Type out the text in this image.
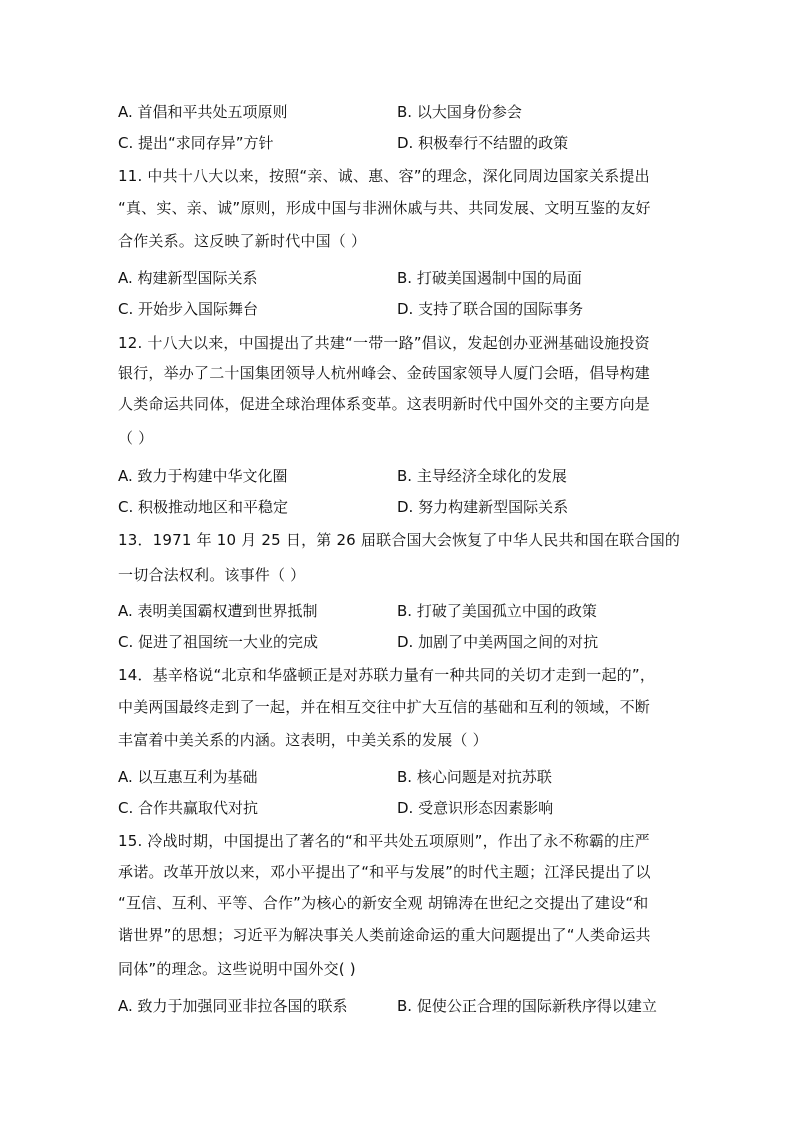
A. 首倡和平共处五项原则	B. 以大国身份参会
C. 提出“求同存异”方针	D. 积极奉行不结盟的政策
11. 中共十八大以来，按照“亲、诚、惠、容”的理念，深化同周边国家关系提出
“真、实、亲、诚”原则，形成中国与非洲休戚与共、共同发展、文明互鉴的友好
合作关系。这反映了新时代中国（ ）
A. 构建新型国际关系	B. 打破美国遏制中国的局面
C. 开始步入国际舞台	D. 支持了联合国的国际事务
12. 十八大以来，中国提出了共建“一带一路”倡议，发起创办亚洲基础设施投资
银行，举办了二十国集团领导人杭州峰会、金砖国家领导人厦门会晤，倡导构建
人类命运共同体，促进全球治理体系变革。这表明新时代中国外交的主要方向是
（ ）
A. 致力于构建中华文化圈	B. 主导经济全球化的发展
C. 积极推动地区和平稳定	D. 努力构建新型国际关系
13．1971 年 10 月 25 日，第 26 届联合国大会恢复了中华人民共和国在联合国的
一切合法权利。该事件（ ）
A. 表明美国霸权遭到世界抵制	B. 打破了美国孤立中国的政策
C. 促进了祖国统一大业的完成	D. 加剧了中美两国之间的对抗
14．基辛格说“北京和华盛顿正是对苏联力量有一种共同的关切才走到一起的”，
中美两国最终走到了一起，并在相互交往中扩大互信的基础和互利的领域，不断
丰富着中美关系的内涵。这表明，中美关系的发展（ ）
A. 以互惠互利为基础	B. 核心问题是对抗苏联
C. 合作共赢取代对抗	D. 受意识形态因素影响
15. 冷战时期，中国提出了著名的“和平共处五项原则”，作出了永不称霸的庄严
承诺。改革开放以来，邓小平提出了“和平与发展”的时代主题；江泽民提出了以
“互信、互利、平等、合作”为核心的新安全观 胡锦涛在世纪之交提出了建设“和
谐世界”的思想；习近平为解决事关人类前途命运的重大问题提出了“人类命运共
同体”的理念。这些说明中国外交( )
A. 致力于加强同亚非拉各国的联系	B. 促使公正合理的国际新秩序得以建立
